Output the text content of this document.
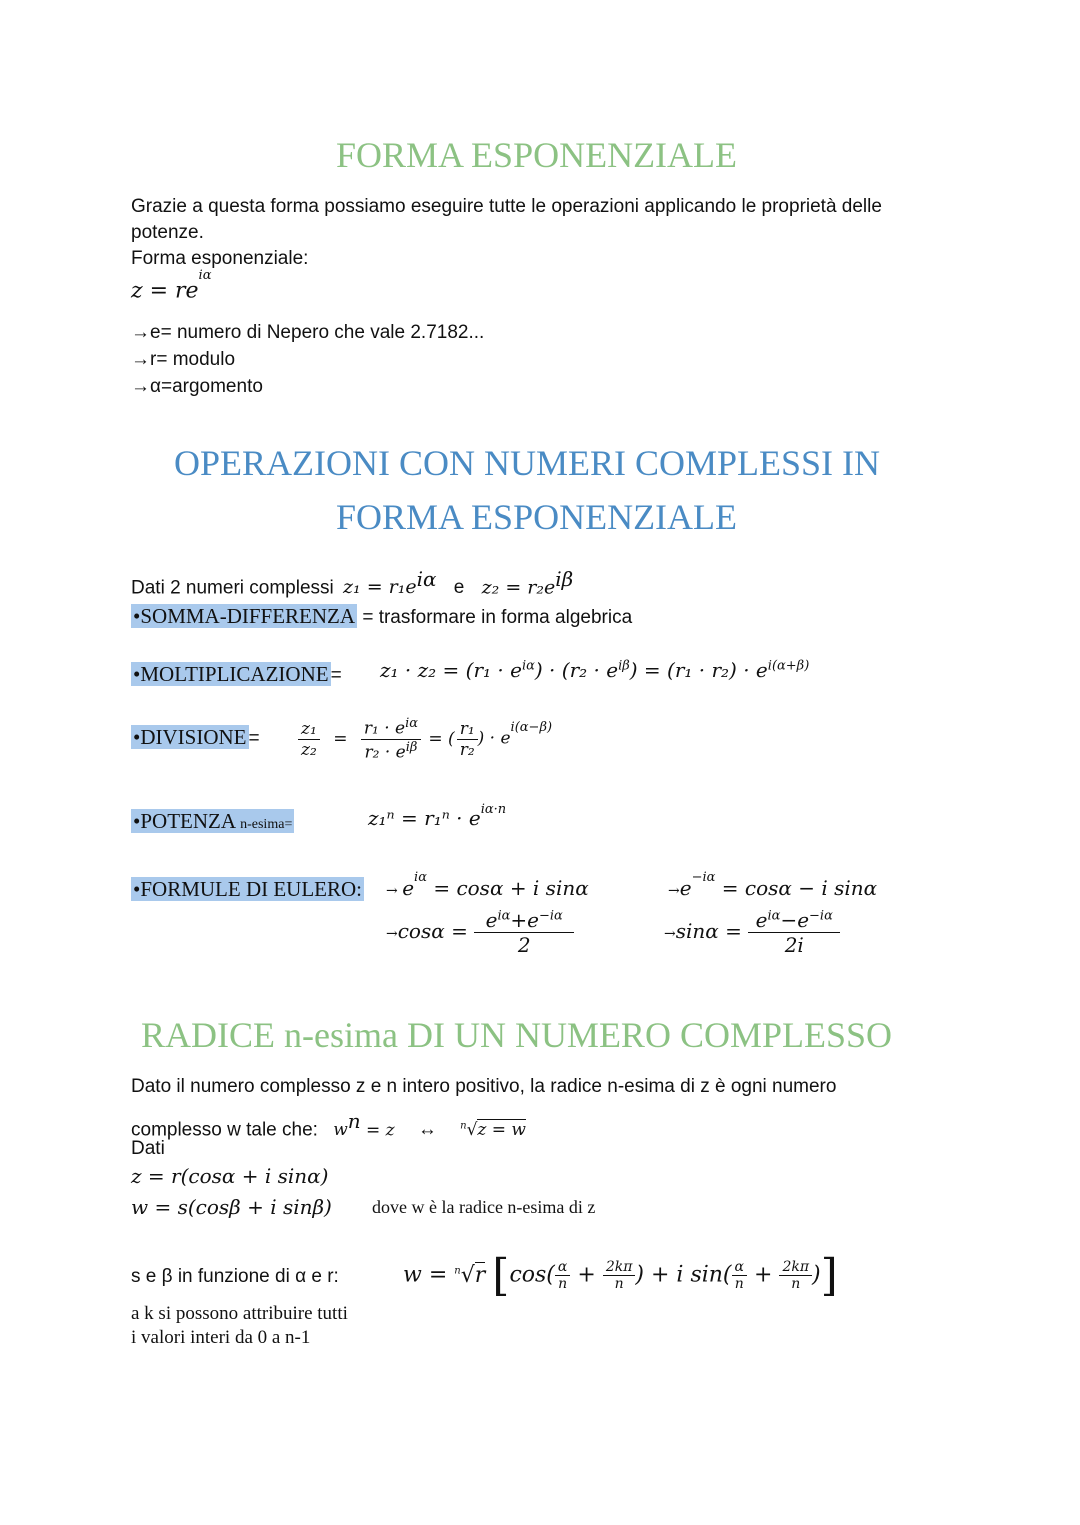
FORMA ESPONENZIALE
Grazie a questa forma possiamo eseguire tutte le operazioni applicando le proprietà delle
potenze.
Forma esponenziale:
$z = re^{i\alpha}$
→e= numero di Nepero che vale 2.7182...
→r= modulo
→α=argomento
OPERAZIONI CON NUMERI COMPLESSI IN
FORMA ESPONENZIALE
Dati 2 numeri complessi $z_1 = r_1e^{i\alpha}$ e $z_2 = r_2e^{i\beta}$
•SOMMA-DIFFERENZA = trasformare in forma algebrica
•MOLTIPLICAZIONE = $z_1 \cdot z_2 = (r_1 \cdot e^{i\alpha}) \cdot (r_2 \cdot e^{i\beta}) = (r_1 \cdot r_2) \cdot e^{i(\alpha+\beta)}$
•DIVISIONE = $\frac{\text{z₁}}{\text{z₂}} = \frac{r_1 \cdot e^{i\alpha}}{r_2 \cdot e^{i\beta}}$ = ( $\frac{\text{r₁}}{\text{r₂}}$ ) · $e^{i(\alpha-\beta)}$
•POTENZA n-esima=	$z_1^n = r_1^n \cdot e^{i\alpha\cdot n}$
•FORMULE DI EULERO: → $e^{i\alpha} = \cos\alpha + i$ sinα	$\to e^{-i\alpha} = \cos\alpha - i$ sinα
$\to\cos\alpha = \frac{e^{i\alpha}+e^{-i\alpha}}{2}$	$\to\sin\alpha = \frac{e^{i\alpha}-e^{-i\alpha}}{2i}$
RADICE n-esima DI UN NUMERO COMPLESSO
Dato il numero complesso z e n intero positivo, la radice n-esima di z è ogni numero
complesso w tale che: $w^n = z$ ↔ $^n$√z = w
Dati
z = r(cosα + i sinα)
w = s(cosβ + i sinβ) dove w è la radice n-esima di z
s e β in funzione di α e r:	w = $^n$√r [$\cos( \frac{\alpha}{n} + \frac{2k\pi}{n}$ ) + i $\sin( \frac{\alpha}{n} + \frac{2k\pi}{n}$ )]
a k si possono attribuire tutti
i valori interi da 0 a n-1
